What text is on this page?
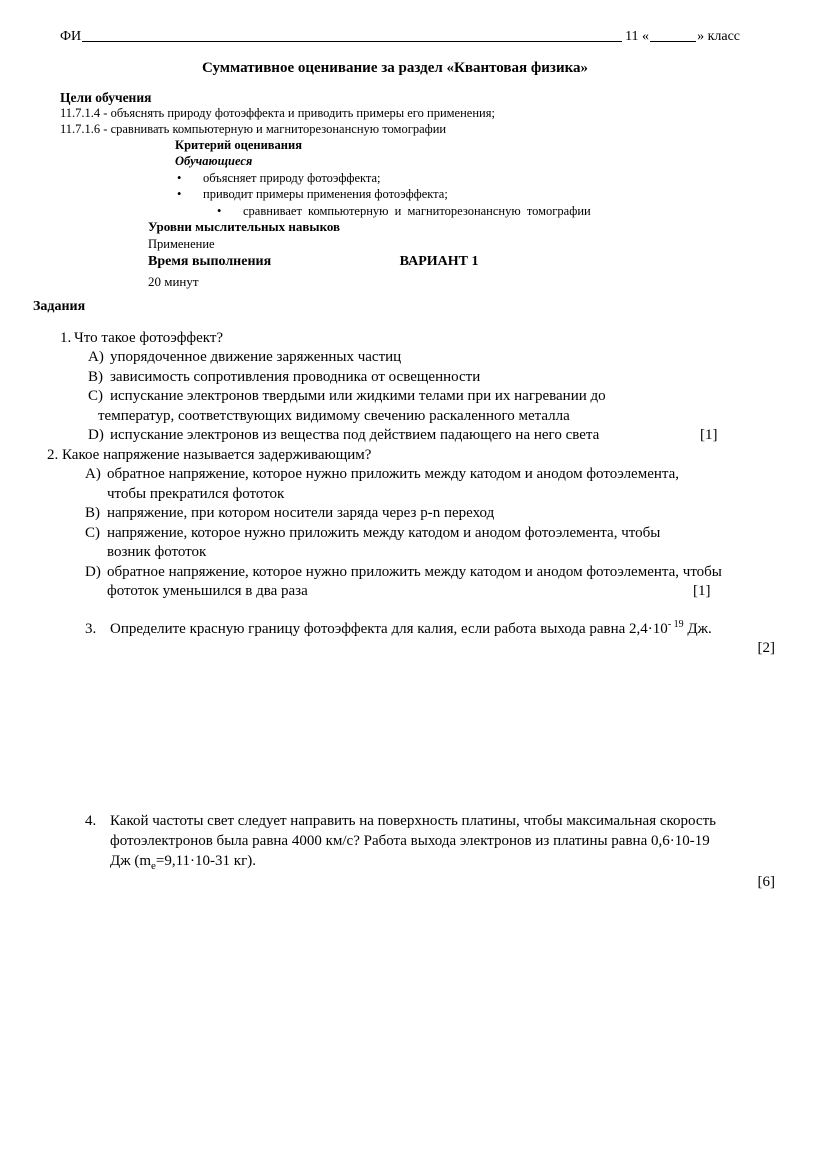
ФИ	11 «	» класс
Суммативное оценивание за раздел «Квантовая физика»
Цели обучения
11.7.1.4 - объяснять природу фотоэффекта и приводить примеры его применения;
11.7.1.6 - сравнивать компьютерную и магниторезонансную томографии
Критерий оценивания
Обучающиеся
•	объясняет природу фотоэффекта;
•	приводит примеры применения фотоэффекта;
•	сравнивает компьютерную и магниторезонансную томографии
Уровни мыслительных навыков
Применение
Время выполнения	ВАРИАНТ 1
20 минут
Задания
1. Что такое фотоэффект?
A) упорядоченное движение заряженных частиц
B) зависимость сопротивления проводника от освещенности
C) испускание электронов твердыми или жидкими телами при их нагревании до
температур, соответствующих видимому свечению раскаленного металла
D) испускание электронов из вещества под действием падающего на него света	[1]
2. Какое напряжение называется задерживающим?
A) обратное напряжение, которое нужно приложить между катодом и анодом фотоэлемента,
чтобы прекратился фототок
B) напряжение, при котором носители заряда через p-n переход
C) напряжение, которое нужно приложить между катодом и анодом фотоэлемента, чтобы
возник фототок
D) обратное напряжение, которое нужно приложить между катодом и анодом фотоэлемента, чтобы
фототок уменьшился в два раза	[1]
3. Определите красную границу фотоэффекта для калия, если работа выхода равна $2,4\cdot 10^{- 19}$ Дж.
[2]
4. Какой частоты свет следует направить на поверхность платины, чтобы максимальная скорость
фотоэлектронов была равна 4000 км/с? Работа выхода электронов из платины равна 0,6·10-19
Дж ($m_е=9,11\cdot 10-31$ кг).
[6]
